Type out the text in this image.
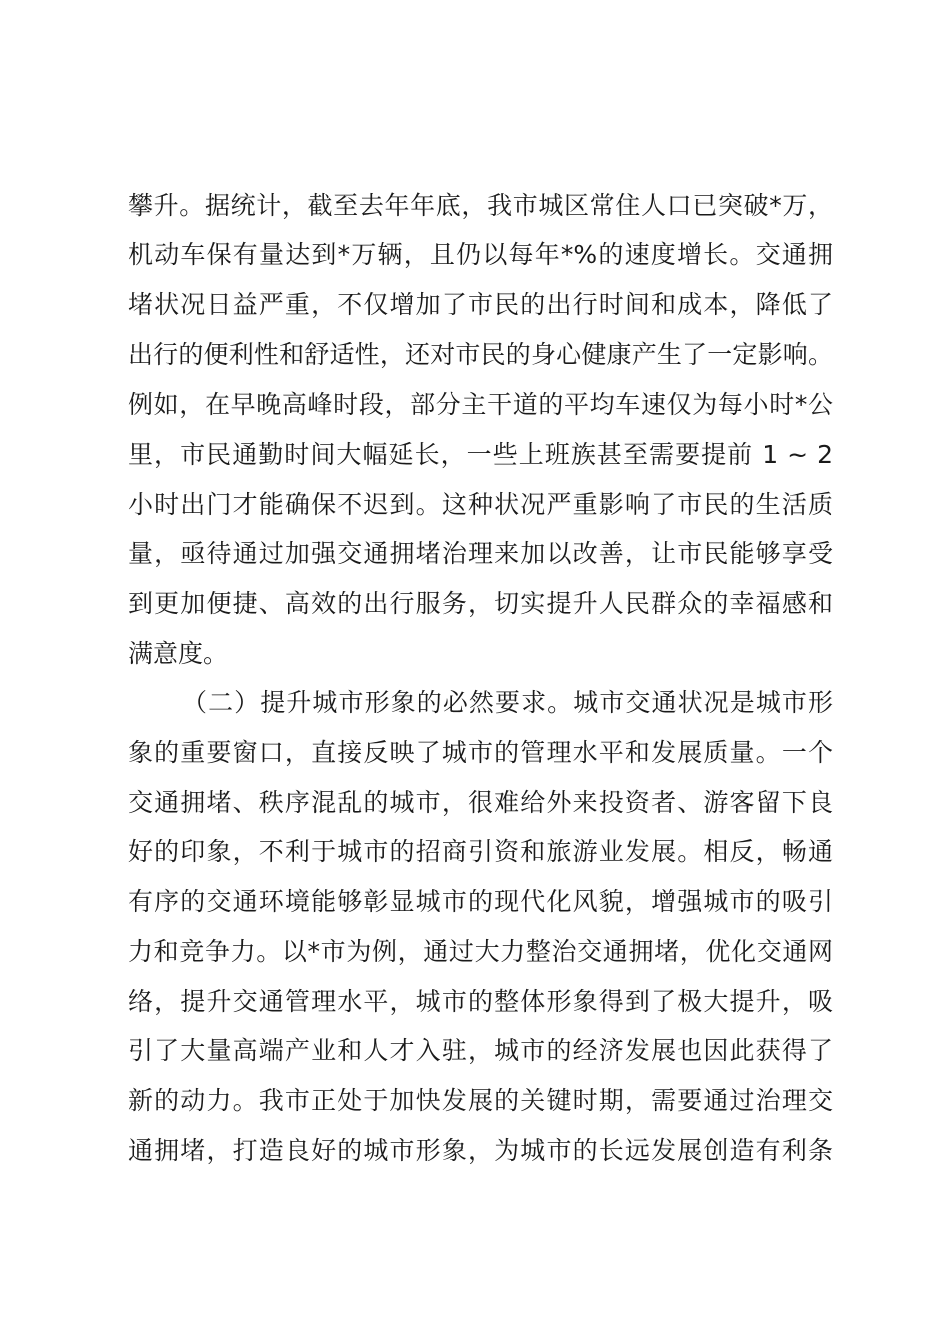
攀升。据统计，截至去年年底，我市城区常住人口已突破*万，
机动车保有量达到*万辆，且仍以每年*%的速度增长。交通拥
堵状况日益严重，不仅增加了市民的出行时间和成本，降低了
出行的便利性和舒适性，还对市民的身心健康产生了一定影响。
例如，在早晚高峰时段，部分主干道的平均车速仅为每小时*公
里，市民通勤时间大幅延长，一些上班族甚至需要提前 1 ~ 2
小时出门才能确保不迟到。这种状况严重影响了市民的生活质
量，亟待通过加强交通拥堵治理来加以改善，让市民能够享受
到更加便捷、高效的出行服务，切实提升人民群众的幸福感和
满意度。
（二）提升城市形象的必然要求。城市交通状况是城市形
象的重要窗口，直接反映了城市的管理水平和发展质量。一个
交通拥堵、秩序混乱的城市，很难给外来投资者、游客留下良
好的印象，不利于城市的招商引资和旅游业发展。相反，畅通
有序的交通环境能够彰显城市的现代化风貌，增强城市的吸引
力和竞争力。以*市为例，通过大力整治交通拥堵，优化交通网
络，提升交通管理水平，城市的整体形象得到了极大提升，吸
引了大量高端产业和人才入驻，城市的经济发展也因此获得了
新的动力。我市正处于加快发展的关键时期，需要通过治理交
通拥堵，打造良好的城市形象，为城市的长远发展创造有利条
